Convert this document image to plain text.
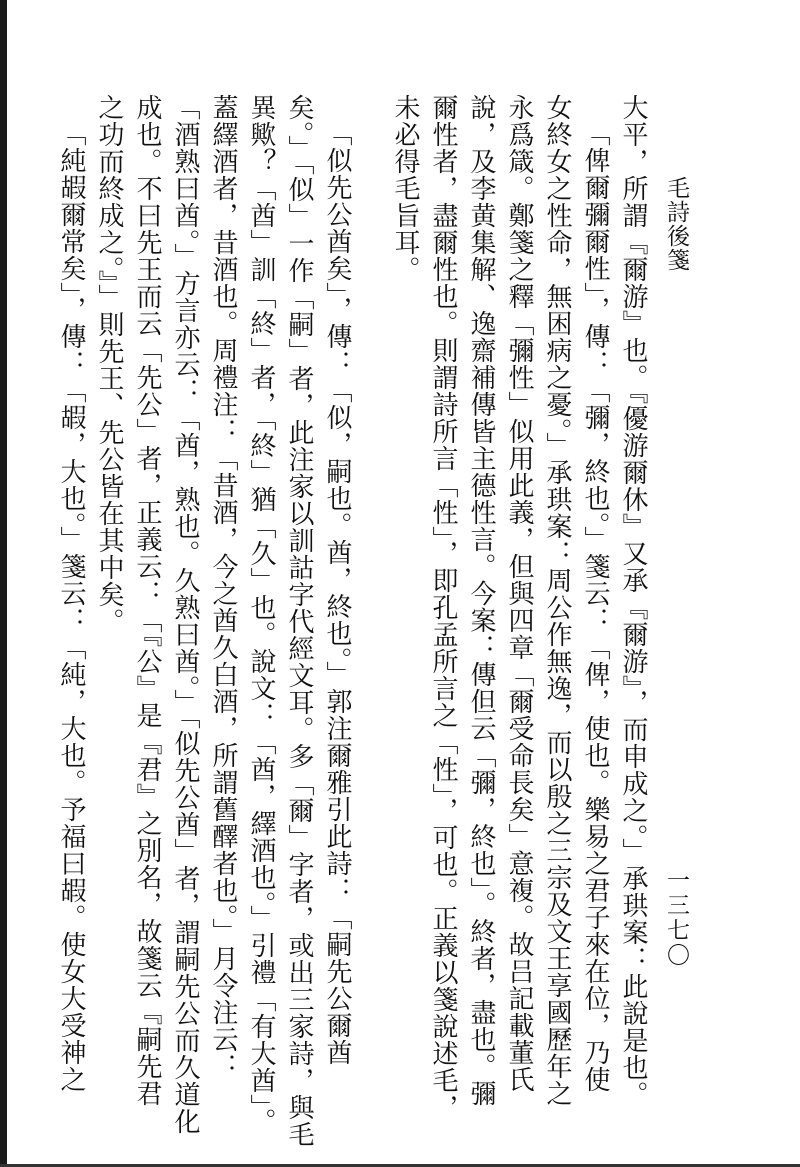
毛詩後箋
一三七〇
大平，所謂『爾游』也。『優游爾休』又承『爾游』，而申成之。」承珙案：此說是也。
「俾爾彌爾性」，傳：「彌，終也。」箋云：「俾，使也。樂易之君子來在位，乃使
女終女之性命，無困病之憂。」承珙案：周公作無逸，而以殷之三宗及文王享國歷年之
永爲箴。鄭箋之釋「彌性」似用此義，但與四章「爾受命長矣」意複。故吕記載董氏
說，及李黄集解、逸齋補傳皆主德性言。今案：傳但云「彌，終也」。終者，盡也。彌
爾性者，盡爾性也。則謂詩所言「性」，即孔孟所言之「性」，可也。正義以箋說述毛，
未必得毛旨耳。
「似先公酋矣」，傳：「似，嗣也。酋，終也。」郭注爾雅引此詩：「嗣先公爾酋
矣。」「似」一作「嗣」者，此注家以訓詁字代經文耳。多「爾」字者，或出三家詩，與毛
異歟？「酋」訓「終」者，「終」猶「久」也。說文：「酋，繹酒也。」引禮「有大酋」。
蓋繹酒者，昔酒也。周禮注：「昔酒，今之酋久白酒，所謂舊醳者也。」月令注云：
「酒熟曰酋。」方言亦云：「酋，熟也。久熟曰酋。」「似先公酋」者，謂嗣先公而久道化
成也。不曰先王而云「先公」者，正義云：「『公』是『君』之別名，故箋云『嗣先君
之功而終成之。』」則先王、先公皆在其中矣。
「純嘏爾常矣」，傳：「嘏，大也。」箋云：「純，大也。予福曰嘏。使女大受神之
